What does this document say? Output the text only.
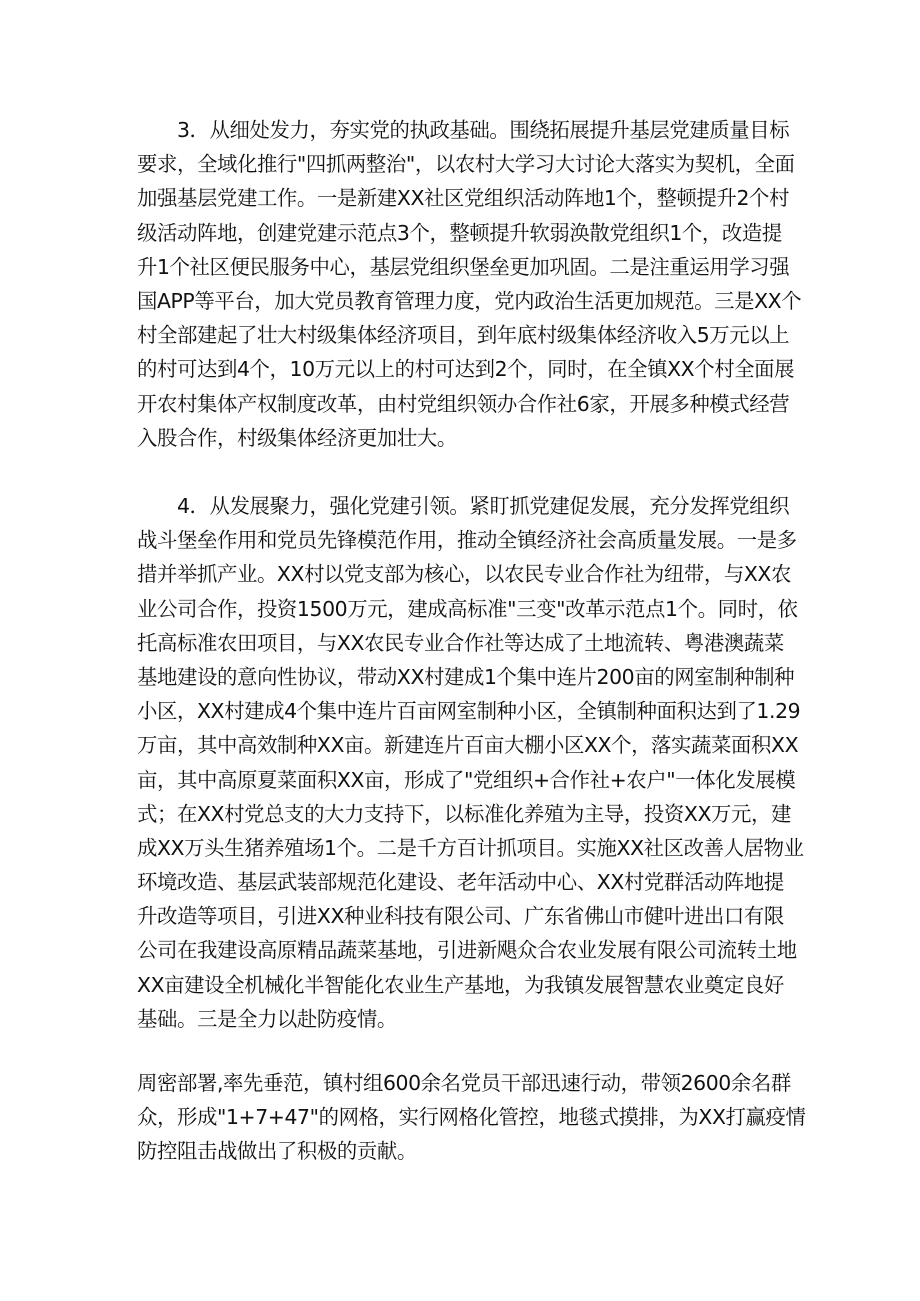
　　3．从细处发力，夯实党的执政基础。围绕拓展提升基层党建质量目标
要求，全域化推行"四抓两整治"，以农村大学习大讨论大落实为契机，全面
加强基层党建工作。一是新建XX社区党组织活动阵地1个，整顿提升2个村
级活动阵地，创建党建示范点3个，整顿提升软弱涣散党组织1个，改造提
升1个社区便民服务中心，基层党组织堡垒更加巩固。二是注重运用学习强
国APP等平台，加大党员教育管理力度，党内政治生活更加规范。三是XX个
村全部建起了壮大村级集体经济项目，到年底村级集体经济收入5万元以上
的村可达到4个，10万元以上的村可达到2个，同时，在全镇XX个村全面展
开农村集体产权制度改革，由村党组织领办合作社6家，开展多种模式经营
入股合作，村级集体经济更加壮大。
　　4．从发展聚力，强化党建引领。紧盯抓党建促发展，充分发挥党组织
战斗堡垒作用和党员先锋模范作用，推动全镇经济社会高质量发展。一是多
措并举抓产业。XX村以党支部为核心，以农民专业合作社为纽带，与XX农
业公司合作，投资1500万元，建成高标准"三变"改革示范点1个。同时，依
托高标准农田项目，与XX农民专业合作社等达成了土地流转、粤港澳蔬菜
基地建设的意向性协议，带动XX村建成1个集中连片200亩的网室制种制种
小区，XX村建成4个集中连片百亩网室制种小区，全镇制种面积达到了1.29
万亩，其中高效制种XX亩。新建连片百亩大棚小区XX个，落实蔬菜面积XX
亩，其中高原夏菜面积XX亩，形成了"党组织+合作社+农户"一体化发展模
式；在XX村党总支的大力支持下，以标准化养殖为主导，投资XX万元，建
成XX万头生猪养殖场1个。二是千方百计抓项目。实施XX社区改善人居物业
环境改造、基层武装部规范化建设、老年活动中心、XX村党群活动阵地提
升改造等项目，引进XX种业科技有限公司、广东省佛山市健叶进出口有限
公司在我建设高原精品蔬菜基地，引进新飓众合农业发展有限公司流转土地
XX亩建设全机械化半智能化农业生产基地，为我镇发展智慧农业奠定良好
基础。三是全力以赴防疫情。
周密部署,率先垂范，镇村组600余名党员干部迅速行动，带领2600余名群
众，形成"1+7+47"的网格，实行网格化管控，地毯式摸排，为XX打赢疫情
防控阻击战做出了积极的贡献。
